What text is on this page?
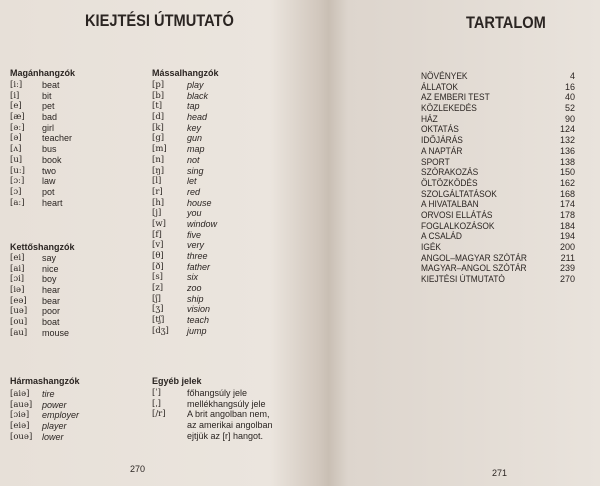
KIEJTÉSI ÚTMUTATÓ
Magánhangzók
[iː] beat
[i]	bit
[e] pet
[æ] bad
[əː] girl
[ə] teacher
[ʌ] bus
[u] book
[uː] two
[ɔː] law
[ɔ] pot
[aː] heart
Kettőshangzók
[ei] say
[ai] nice
[ɔi] boy
[iə] hear
[eə] bear
[uə] poor
[ou] boat
[au] mouse
Hármashangzók
[aiə] tire
[auə] power
[ɔiə] employer
[eiə] player
[ouə] lower
Mássalhangzók
[p]	play
[b]	black
[t]	tap
[d]	head
[k]	key
[g]	gun
[m] map
[n]	not
[ŋ]	sing
[l]	let
[r]	red
[h]	house
[j]	you
[w] window
[f]	five
[v]	very
[θ]	three
[ð]	father
[s]	six
[z]	zoo
[ʃ]	ship
[ʒ]	vision
[tʃ]	teach
[dʒ] jump
Egyéb jelek
[ˈ]	főhangsúly jele
[ˌ]	mellékhangsúly jele
[/r] A brit angolban nem,
az amerikai angolban
ejtjük az [r] hangot.
270
TARTALOM
NÖVÉNYEK	4
ÁLLATOK	16
AZ EMBERI TEST	40
KÖZLEKEDÉS	52
HÁZ	90
OKTATÁS	124
IDŐJÁRÁS	132
A NAPTÁR	136
SPORT	138
SZÓRAKOZÁS	150
ÖLTÖZKÖDÉS	162
SZOLGÁLTATÁSOK	168
A HIVATALBAN	174
ORVOSI ELLÁTÁS	178
FOGLALKOZÁSOK	184
A CSALÁD	194
IGÉK	200
ANGOL–MAGYAR SZÓTÁR	211
MAGYAR–ANGOL SZÓTÁR	239
KIEJTÉSI ÚTMUTATÓ	270
271
